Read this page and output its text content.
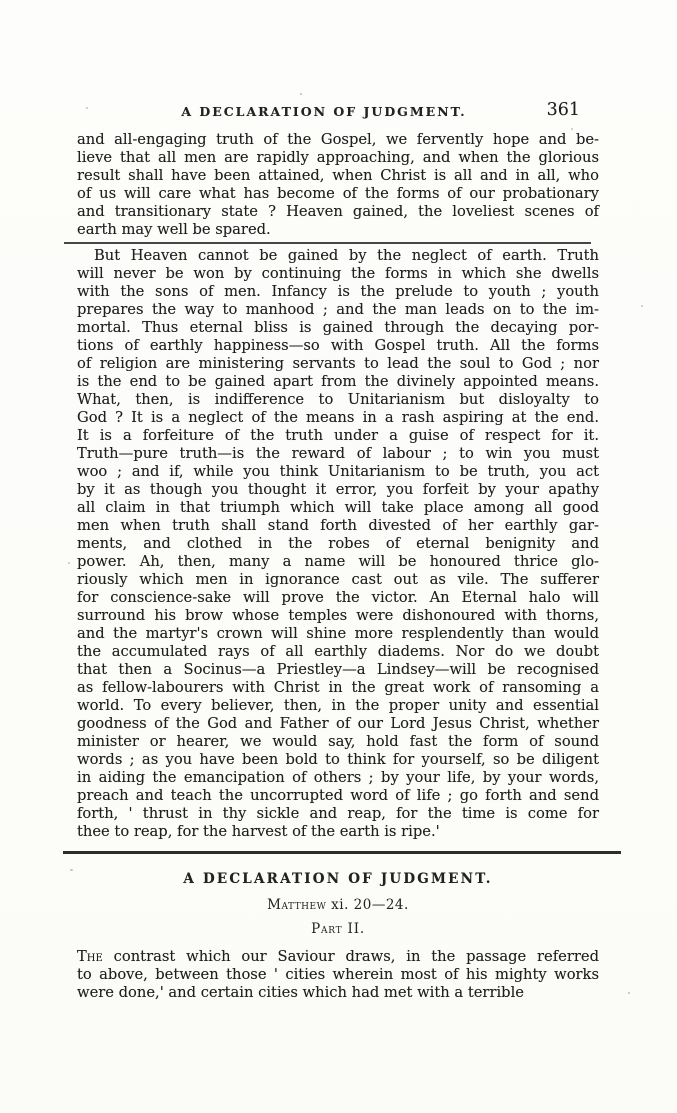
A DECLARATION OF JUDGMENT.	361
and all-engaging truth of the Gospel, we fervently hope and be-
lieve that all men are rapidly approaching, and when the glorious
result shall have been attained, when Christ is all and in all, who
of us will care what has become of the forms of our probationary
and transitionary state ? Heaven gained, the loveliest scenes of
earth may well be spared.
But Heaven cannot be gained by the neglect of earth. Truth
will never be won by continuing the forms in which she dwells
with the sons of men. Infancy is the prelude to youth ; youth
prepares the way to manhood ; and the man leads on to the im-
mortal. Thus eternal bliss is gained through the decaying por-
tions of earthly happiness—so with Gospel truth. All the forms
of religion are ministering servants to lead the soul to God ; nor
is the end to be gained apart from the divinely appointed means.
What, then, is indifference to Unitarianism but disloyalty to
God ? It is a neglect of the means in a rash aspiring at the end.
It is a forfeiture of the truth under a guise of respect for it.
Truth—pure truth—is the reward of labour ; to win you must
woo ; and if, while you think Unitarianism to be truth, you act
by it as though you thought it error, you forfeit by your apathy
all claim in that triumph which will take place among all good
men when truth shall stand forth divested of her earthly gar-
ments, and clothed in the robes of eternal benignity and
power. Ah, then, many a name will be honoured thrice glo-
riously which men in ignorance cast out as vile. The sufferer
for conscience-sake will prove the victor. An Eternal halo will
surround his brow whose temples were dishonoured with thorns,
and the martyr's crown will shine more resplendently than would
the accumulated rays of all earthly diadems. Nor do we doubt
that then a Socinus—a Priestley—a Lindsey—will be recognised
as fellow-labourers with Christ in the great work of ransoming a
world. To every believer, then, in the proper unity and essential
goodness of the God and Father of our Lord Jesus Christ, whether
minister or hearer, we would say, hold fast the form of sound
words ; as you have been bold to think for yourself, so be diligent
in aiding the emancipation of others ; by your life, by your words,
preach and teach the uncorrupted word of life ; go forth and send
forth, ' thrust in thy sickle and reap, for the time is come for
thee to reap, for the harvest of the earth is ripe.'
A DECLARATION OF JUDGMENT.
Matthew xi. 20—24.
Part II.
The contrast which our Saviour draws, in the passage referred
to above, between those ' cities wherein most of his mighty works
were done,' and certain cities which had met with a terrible
